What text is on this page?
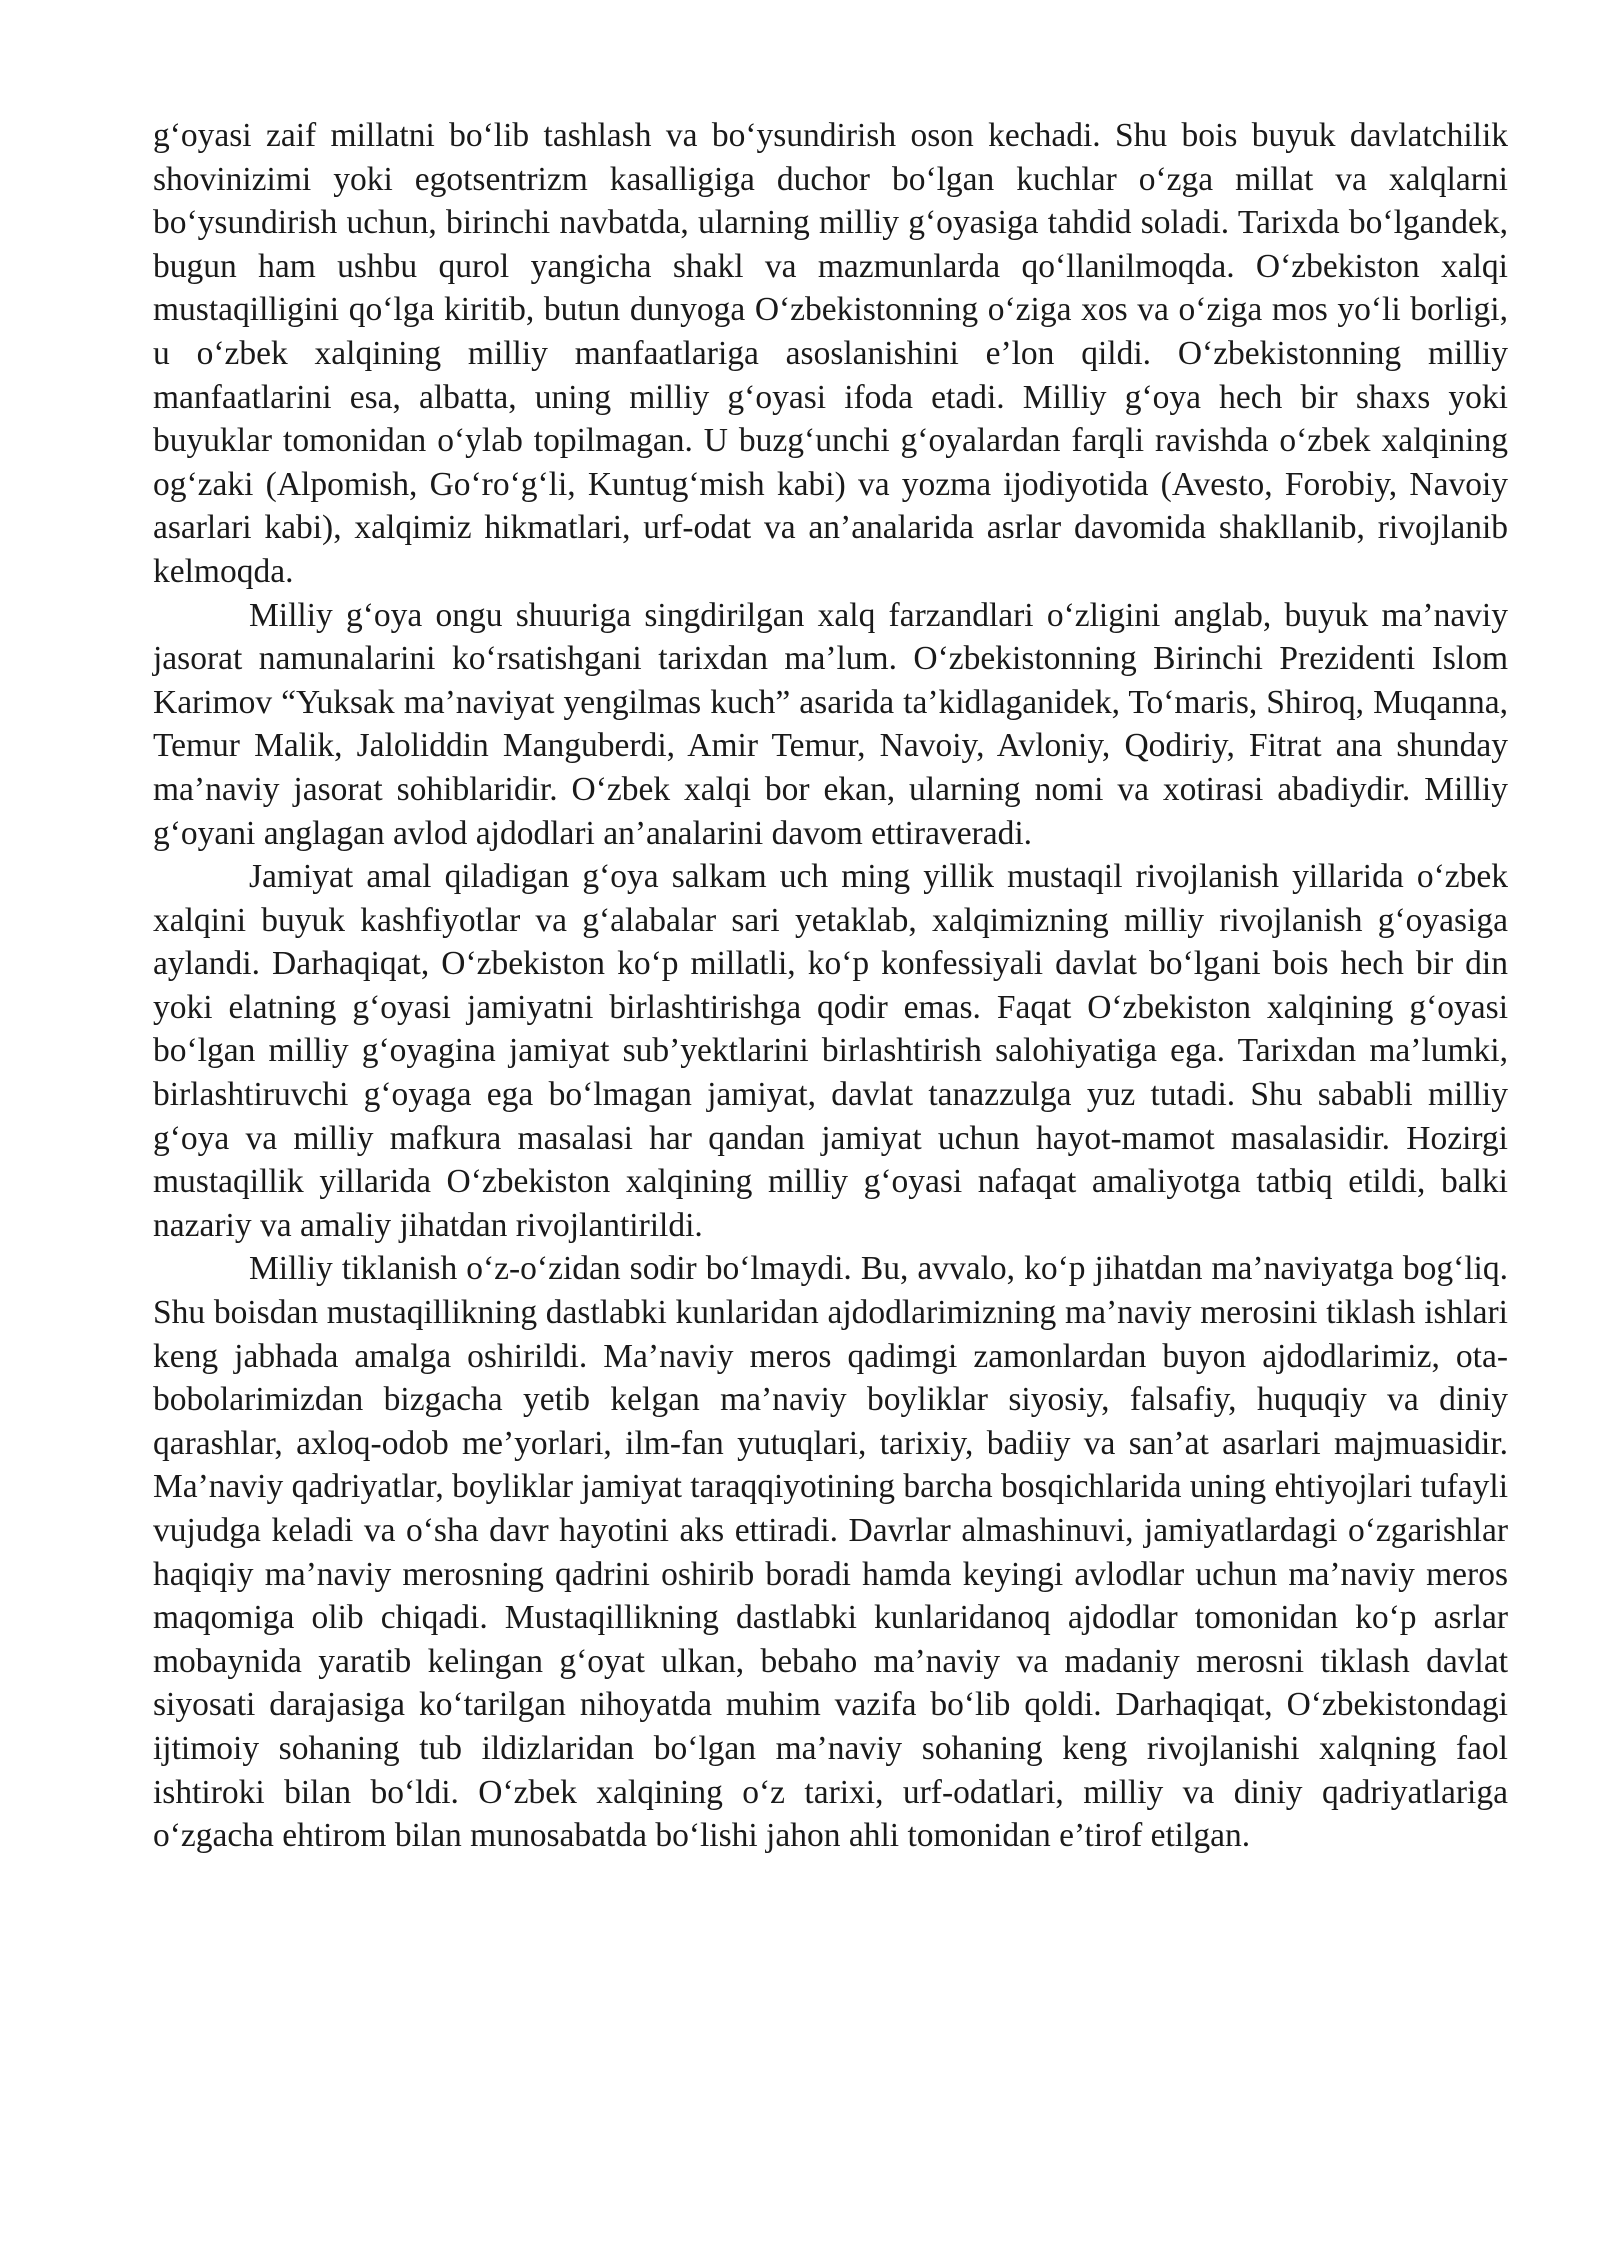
g‘oyasi zaif millatni bo‘lib tashlash va bo‘ysundirish oson kechadi. Shu bois buyuk davlatchilik shovinizimi yoki egotsentrizm kasalligiga duchor bo‘lgan kuchlar o‘zga millat va xalqlarni bo‘ysundirish uchun, birinchi navbatda, ularning milliy g‘oyasiga tahdid soladi. Tarixda bo‘lgandek, bugun ham ushbu qurol yangicha shakl va mazmunlarda qo‘llanilmoqda. O‘zbekiston xalqi mustaqilligini qo‘lga kiritib, butun dunyoga O‘zbekistonning o‘ziga xos va o‘ziga mos yo‘li borligi, u o‘zbek xalqining milliy manfaatlariga asoslanishini e’lon qildi. O‘zbekistonning milliy manfaatlarini esa, albatta, uning milliy g‘oyasi ifoda etadi. Milliy g‘oya hech bir shaxs yoki buyuklar tomonidan o‘ylab topilmagan. U buzg‘unchi g‘oyalardan farqli ravishda o‘zbek xalqining og‘zaki (Alpomish, Go‘ro‘g‘li, Kuntug‘mish kabi) va yozma ijodiyotida (Avesto, Forobiy, Navoiy asarlari kabi), xalqimiz hikmatlari, urf-odat va an’analarida asrlar davomida shakllanib, rivojlanib kelmoqda.

Milliy g‘oya ongu shuuriga singdirilgan xalq farzandlari o‘zligini anglab, buyuk ma’naviy jasorat namunalarini ko‘rsatishgani tarixdan ma’lum. O‘zbekistonning Birinchi Prezidenti Islom Karimov “Yuksak ma’naviyat yengilmas kuch” asarida ta’kidlaganidek, To‘maris, Shiroq, Muqanna, Temur Malik, Jaloliddin Manguberdi, Amir Temur, Navoiy, Avloniy, Qodiriy, Fitrat ana shunday ma’naviy jasorat sohiblaridir. O‘zbek xalqi bor ekan, ularning nomi va xotirasi abadiydir. Milliy g‘oyani anglagan avlod ajdodlari an’analarini davom ettiraveradi.

Jamiyat amal qiladigan g‘oya salkam uch ming yillik mustaqil rivojlanish yillarida o‘zbek xalqini buyuk kashfiyotlar va g‘alabalar sari yetaklab, xalqimizning milliy rivojlanish g‘oyasiga aylandi. Darhaqiqat, O‘zbekiston ko‘p millatli, ko‘p konfessiyali davlat bo‘lgani bois hech bir din yoki elatning g‘oyasi jamiyatni birlashtirishga qodir emas. Faqat O‘zbekiston xalqining g‘oyasi bo‘lgan milliy g‘oyagina jamiyat sub’yektlarini birlashtirish salohiyatiga ega. Tarixdan ma’lumki, birlashtiruvchi g‘oyaga ega bo‘lmagan jamiyat, davlat tanazzulga yuz tutadi. Shu sababli milliy g‘oya va milliy mafkura masalasi har qandan jamiyat uchun hayot-mamot masalasidir. Hozirgi mustaqillik yillarida O‘zbekiston xalqining milliy g‘oyasi nafaqat amaliyotga tatbiq etildi, balki nazariy va amaliy jihatdan rivojlantirildi.

Milliy tiklanish o‘z-o‘zidan sodir bo‘lmaydi. Bu, avvalo, ko‘p jihatdan ma’naviyatga bog‘liq. Shu boisdan mustaqillikning dastlabki kunlaridan ajdodlarimizning ma’naviy merosini tiklash ishlari keng jabhada amalga oshirildi. Ma’naviy meros qadimgi zamonlardan buyon ajdodlarimiz, ota-bobolarimizdan bizgacha yetib kelgan ma’naviy boyliklar siyosiy, falsafiy, huquqiy va diniy qarashlar, axloq-odob me’yorlari, ilm-fan yutuqlari, tarixiy, badiiy va san’at asarlari majmuasidir. Ma’naviy qadriyatlar, boyliklar jamiyat taraqqiyotining barcha bosqichlarida uning ehtiyojlari tufayli vujudga keladi va o‘sha davr hayotini aks ettiradi. Davrlar almashinuvi, jamiyatlardagi o‘zgarishlar haqiqiy ma’naviy merosning qadrini oshirib boradi hamda keyingi avlodlar uchun ma’naviy meros maqomiga olib chiqadi. Mustaqillikning dastlabki kunlaridanoq ajdodlar tomonidan ko‘p asrlar mobaynida yaratib kelingan g‘oyat ulkan, bebaho ma’naviy va madaniy merosni tiklash davlat siyosati darajasiga ko‘tarilgan nihoyatda muhim vazifa bo‘lib qoldi. Darhaqiqat, O‘zbekistondagi ijtimoiy sohaning tub ildizlaridan bo‘lgan ma’naviy sohaning keng rivojlanishi xalqning faol ishtiroki bilan bo‘ldi. O‘zbek xalqining o‘z tarixi, urf-odatlari, milliy va diniy qadriyatlariga o‘zgacha ehtirom bilan munosabatda bo‘lishi jahon ahli tomonidan e’tirof etilgan.
